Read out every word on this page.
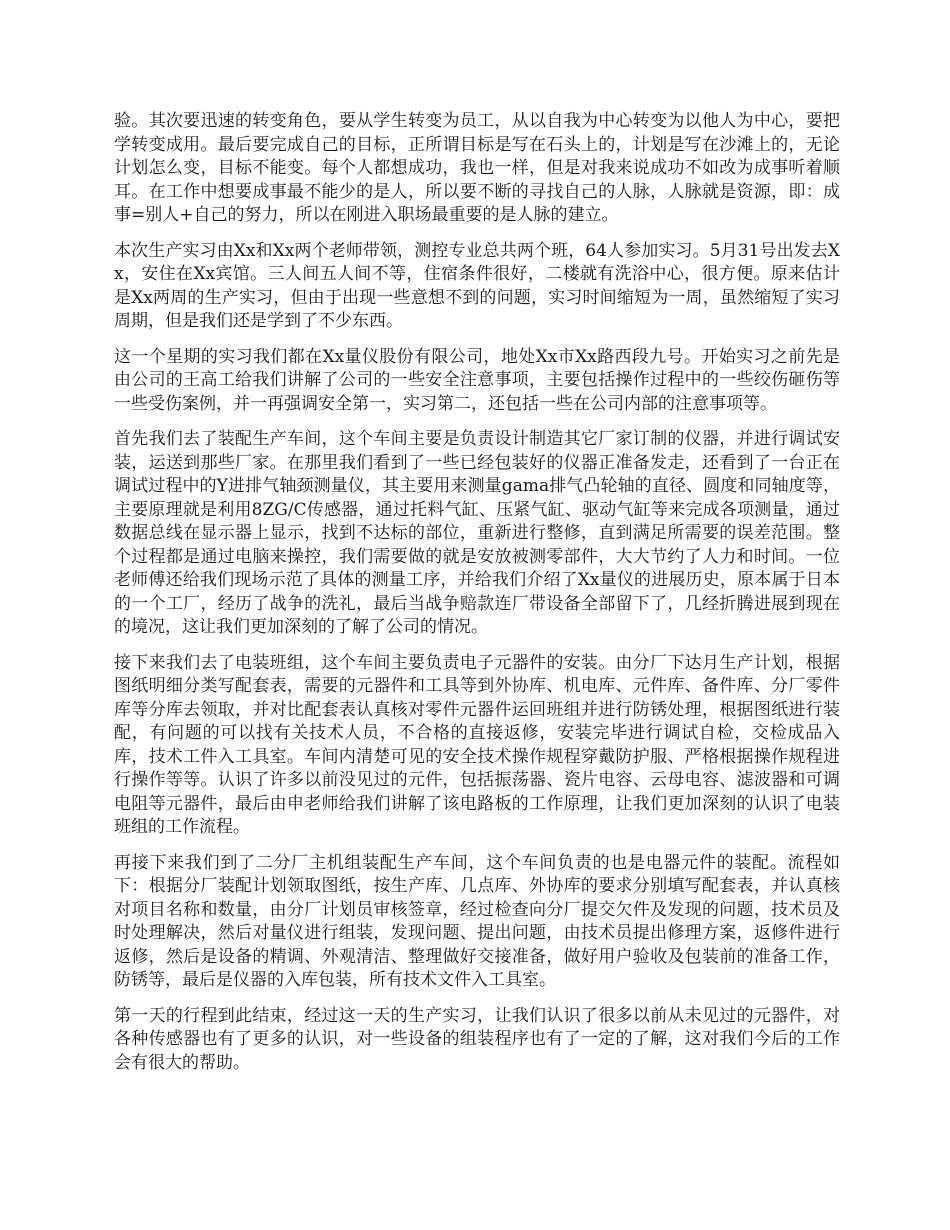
验。其次要迅速的转变角色，要从学生转变为员工，从以自我为中心转变为以他人为中心，要把学转变成用。最后要完成自己的目标，正所谓目标是写在石头上的，计划是写在沙滩上的，无论计划怎么变，目标不能变。每个人都想成功，我也一样，但是对我来说成功不如改为成事听着顺耳。在工作中想要成事最不能少的是人，所以要不断的寻找自己的人脉，人脉就是资源，即：成事=别人+自己的努力，所以在刚进入职场最重要的是人脉的建立。

本次生产实习由Xx和Xx两个老师带领，测控专业总共两个班，64人参加实习。5月31号出发去Xx，安住在Xx宾馆。三人间五人间不等，住宿条件很好，二楼就有洗浴中心，很方便。原来估计是Xx两周的生产实习，但由于出现一些意想不到的问题，实习时间缩短为一周，虽然缩短了实习周期，但是我们还是学到了不少东西。

这一个星期的实习我们都在Xx量仪股份有限公司，地处Xx市Xx路西段九号。开始实习之前先是由公司的王高工给我们讲解了公司的一些安全注意事项，主要包括操作过程中的一些绞伤砸伤等一些受伤案例，并一再强调安全第一，实习第二，还包括一些在公司内部的注意事项等。

首先我们去了装配生产车间，这个车间主要是负责设计制造其它厂家订制的仪器，并进行调试安装，运送到那些厂家。在那里我们看到了一些已经包装好的仪器正准备发走，还看到了一台正在调试过程中的Y进排气轴颈测量仪，其主要用来测量gama排气凸轮轴的直径、圆度和同轴度等，主要原理就是利用8ZG/C传感器，通过托料气缸、压紧气缸、驱动气缸等来完成各项测量，通过数据总线在显示器上显示，找到不达标的部位，重新进行整修，直到满足所需要的误差范围。整个过程都是通过电脑来操控，我们需要做的就是安放被测零部件，大大节约了人力和时间。一位老师傅还给我们现场示范了具体的测量工序，并给我们介绍了Xx量仪的进展历史，原本属于日本的一个工厂，经历了战争的洗礼，最后当战争赔款连厂带设备全部留下了，几经折腾进展到现在的境况，这让我们更加深刻的了解了公司的情况。

接下来我们去了电装班组，这个车间主要负责电子元器件的安装。由分厂下达月生产计划，根据图纸明细分类写配套表，需要的元器件和工具等到外协库、机电库、元件库、备件库、分厂零件库等分库去领取，并对比配套表认真核对零件元器件运回班组并进行防锈处理，根据图纸进行装配，有问题的可以找有关技术人员，不合格的直接返修，安装完毕进行调试自检，交检成品入库，技术工件入工具室。车间内清楚可见的安全技术操作规程穿戴防护服、严格根据操作规程进行操作等等。认识了许多以前没见过的元件，包括振荡器、瓷片电容、云母电容、滤波器和可调电阻等元器件，最后由申老师给我们讲解了该电路板的工作原理，让我们更加深刻的认识了电装班组的工作流程。

再接下来我们到了二分厂主机组装配生产车间，这个车间负责的也是电器元件的装配。流程如下：根据分厂装配计划领取图纸，按生产库、几点库、外协库的要求分别填写配套表，并认真核对项目名称和数量，由分厂计划员审核签章，经过检查向分厂提交欠件及发现的问题，技术员及时处理解决，然后对量仪进行组装，发现问题、提出问题，由技术员提出修理方案，返修件进行返修，然后是设备的精调、外观清洁、整理做好交接准备，做好用户验收及包装前的准备工作，防锈等，最后是仪器的入库包装，所有技术文件入工具室。

第一天的行程到此结束，经过这一天的生产实习，让我们认识了很多以前从未见过的元器件，对各种传感器也有了更多的认识，对一些设备的组装程序也有了一定的了解，这对我们今后的工作会有很大的帮助。
